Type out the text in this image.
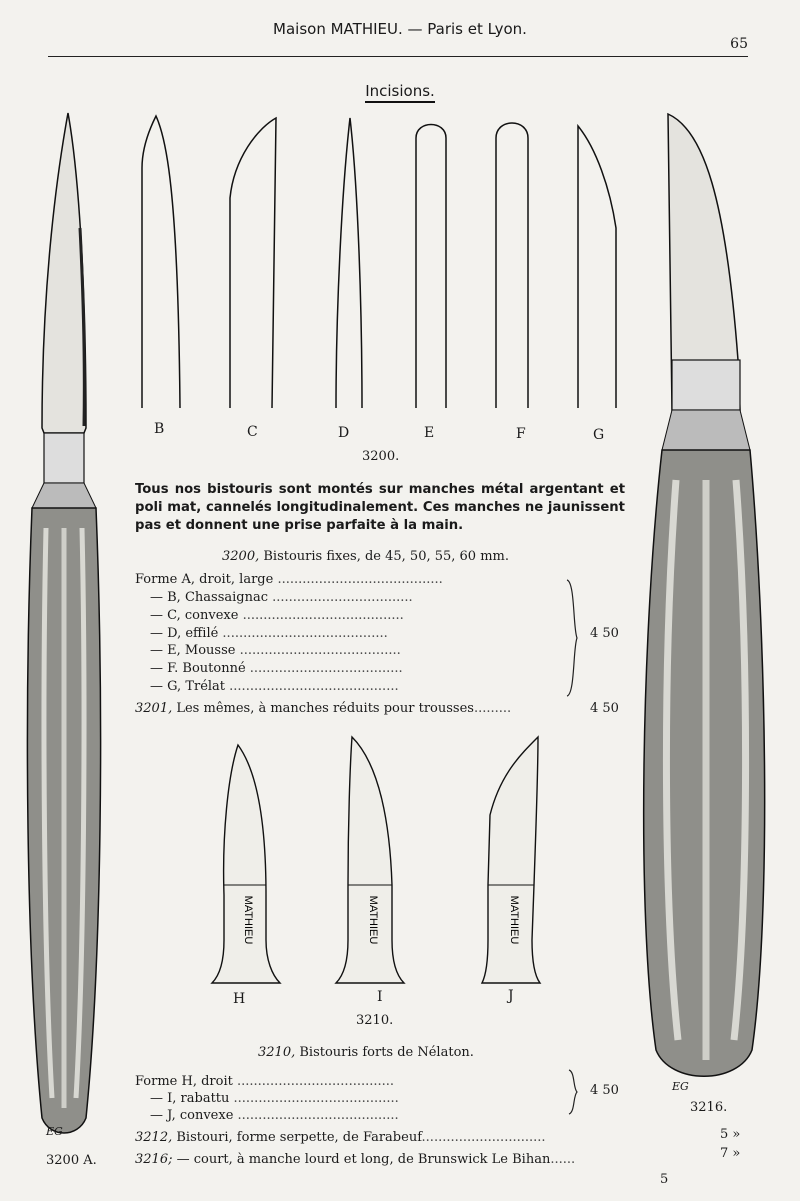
Maison MATHIEU. — Paris et Lyon.
65
Incisions.
B	C	D	E	F	G
3200.
Tous nos bistouris sont montés sur manches métal argentant et poli mat, cannelés longitudinalement. Ces manches ne jaunissent pas et donnent une prise parfaite à la main.
3200, Bistouris fixes, de 45, 50, 55, 60 mm.
Forme A, droit, large ........................................
— B, Chassaignac ..................................
— C, convexe .......................................
— D, effilé ........................................
— E, Mousse .......................................
— F. Boutonné .....................................
— G, Trélat .........................................
4 50
3201, Les mêmes, à manches réduits pour trousses.........	4 50
MATHIEU	MATHIEU	MATHIEU
H	I	J
3210.
3210, Bistouris forts de Nélaton.
Forme H, droit ......................................
— I, rabattu ........................................
— J, convexe .......................................
4 50
3212, Bistouri, forme serpette, de Farabeuf..............................	5 »
3216; — court, à manche lourd et long, de Brunswick Le Bihan......	7 »
EG
3200 A.
EG
3216.
5
